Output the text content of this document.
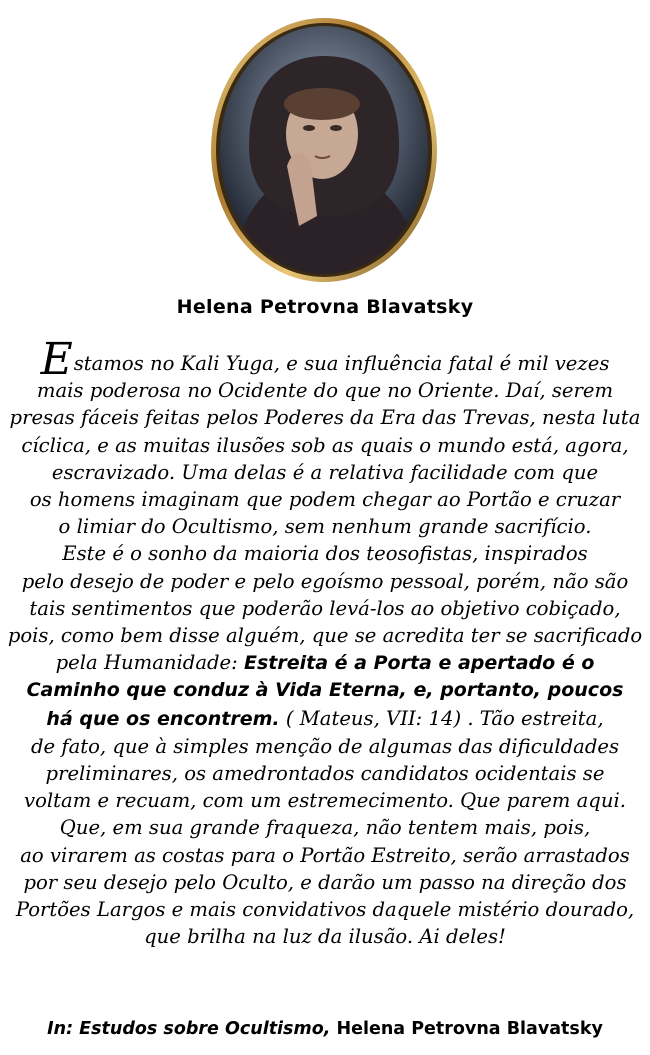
Helena Petrovna Blavatsky
Estamos no Kali Yuga, e sua influência fatal é mil vezes
mais poderosa no Ocidente do que no Oriente. Daí, serem
presas fáceis feitas pelos Poderes da Era das Trevas, nesta luta
cíclica, e as muitas ilusões sob as quais o mundo está, agora,
escravizado. Uma delas é a relativa facilidade com que
os homens imaginam que podem chegar ao Portão e cruzar
o limiar do Ocultismo, sem nenhum grande sacrifício.
Este é o sonho da maioria dos teosofistas, inspirados
pelo desejo de poder e pelo egoísmo pessoal, porém, não são
tais sentimentos que poderão levá-los ao objetivo cobiçado,
pois, como bem disse alguém, que se acredita ter se sacrificado
pela Humanidade: Estreita é a Porta e apertado é o
Caminho que conduz à Vida Eterna, e, portanto, poucos
há que os encontrem. ( Mateus, VII: 14) . Tão estreita,
de fato, que à simples menção de algumas das dificuldades
preliminares, os amedrontados candidatos ocidentais se
voltam e recuam, com um estremecimento. Que parem aqui.
Que, em sua grande fraqueza, não tentem mais, pois,
ao virarem as costas para o Portão Estreito, serão arrastados
por seu desejo pelo Oculto, e darão um passo na direção dos
Portões Largos e mais convidativos daquele mistério dourado,
que brilha na luz da ilusão. Ai deles!
In: Estudos sobre Ocultismo, Helena Petrovna Blavatsky
